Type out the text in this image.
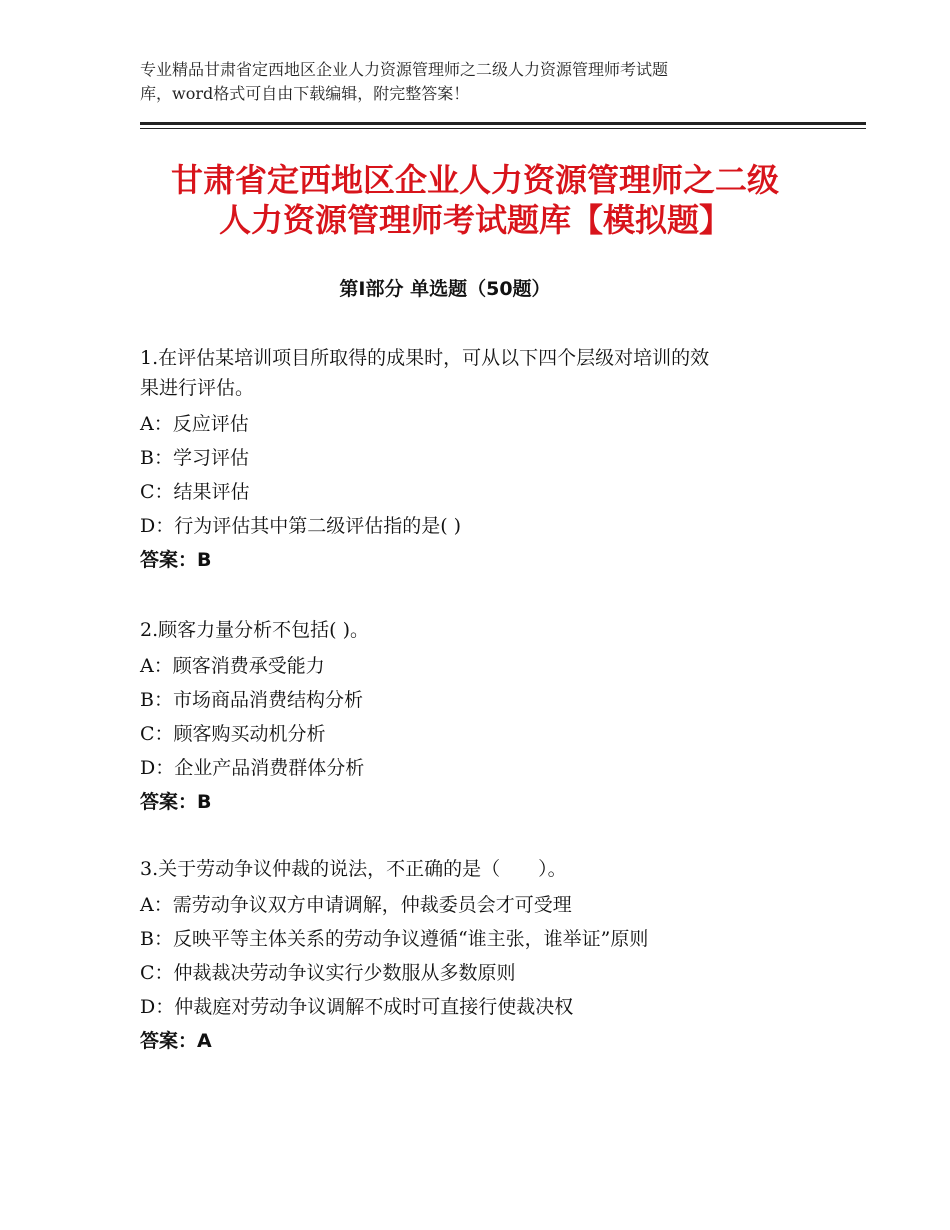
专业精品甘肃省定西地区企业人力资源管理师之二级人力资源管理师考试题
库，word格式可自由下载编辑，附完整答案！
甘肃省定西地区企业人力资源管理师之二级
人力资源管理师考试题库【模拟题】
第Ⅰ部分 单选题（50题）
1.在评估某培训项目所取得的成果时，可从以下四个层级对培训的效
果进行评估。
A：反应评估
B：学习评估
C：结果评估
D：行为评估其中第二级评估指的是( )
答案：B
2.顾客力量分析不包括( )。
A：顾客消费承受能力
B：市场商品消费结构分析
C：顾客购买动机分析
D：企业产品消费群体分析
答案：B
3.关于劳动争议仲裁的说法，不正确的是（　　）。
A：需劳动争议双方申请调解，仲裁委员会才可受理
B：反映平等主体关系的劳动争议遵循“谁主张，谁举证”原则
C：仲裁裁决劳动争议实行少数服从多数原则
D：仲裁庭对劳动争议调解不成时可直接行使裁决权
答案：A
